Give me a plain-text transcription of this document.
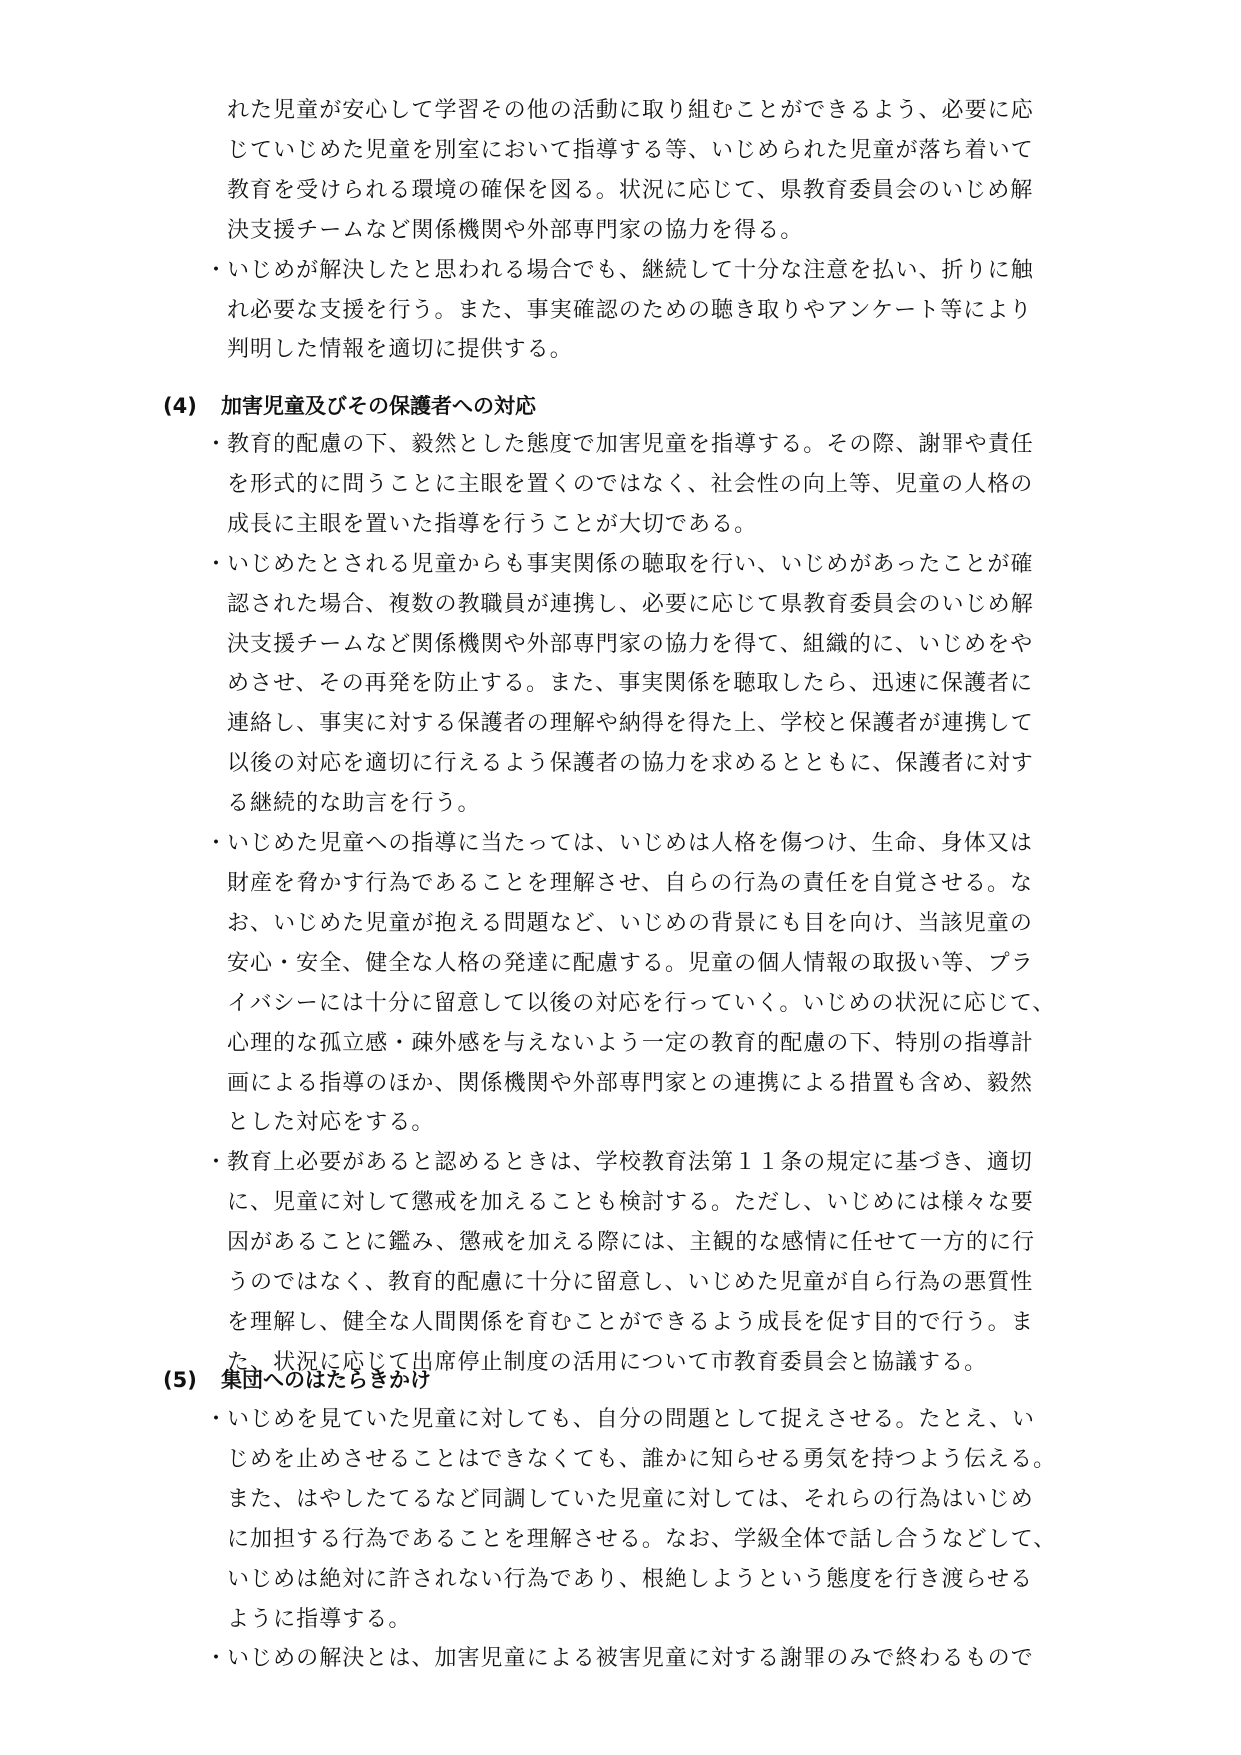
れた児童が安心して学習その他の活動に取り組むことができるよう、必要に応
じていじめた児童を別室において指導する等、いじめられた児童が落ち着いて
教育を受けられる環境の確保を図る。状況に応じて、県教育委員会のいじめ解
決支援チームなど関係機関や外部専門家の協力を得る。
・ いじめが解決したと思われる場合でも、継続して十分な注意を払い、折りに触
れ必要な支援を行う。また、事実確認のための聴き取りやアンケート等により
判明した情報を適切に提供する。
(4) 加害児童及びその保護者への対応
・ 教育的配慮の下、毅然とした態度で加害児童を指導する。その際、謝罪や責任
を形式的に問うことに主眼を置くのではなく、社会性の向上等、児童の人格の
成長に主眼を置いた指導を行うことが大切である。
・ いじめたとされる児童からも事実関係の聴取を行い、いじめがあったことが確
認された場合、複数の教職員が連携し、必要に応じて県教育委員会のいじめ解
決支援チームなど関係機関や外部専門家の協力を得て、組織的に、いじめをや
めさせ、その再発を防止する。また、事実関係を聴取したら、迅速に保護者に
連絡し、事実に対する保護者の理解や納得を得た上、学校と保護者が連携して
以後の対応を適切に行えるよう保護者の協力を求めるとともに、保護者に対す
る継続的な助言を行う。
・ いじめた児童への指導に当たっては、いじめは人格を傷つけ、生命、身体又は
財産を脅かす行為であることを理解させ、自らの行為の責任を自覚させる。な
お、いじめた児童が抱える問題など、いじめの背景にも目を向け、当該児童の
安心・安全、健全な人格の発達に配慮する。児童の個人情報の取扱い等、プラ
イバシーには十分に留意して以後の対応を行っていく。いじめの状況に応じて、
心理的な孤立感・疎外感を与えないよう一定の教育的配慮の下、特別の指導計
画による指導のほか、関係機関や外部専門家との連携による措置も含め、毅然
とした対応をする。
・ 教育上必要があると認めるときは、学校教育法第１１条の規定に基づき、適切
に、児童に対して懲戒を加えることも検討する。ただし、いじめには様々な要
因があることに鑑み、懲戒を加える際には、主観的な感情に任せて一方的に行
うのではなく、教育的配慮に十分に留意し、いじめた児童が自ら行為の悪質性
を理解し、健全な人間関係を育むことができるよう成長を促す目的で行う。ま
た、状況に応じて出席停止制度の活用について市教育委員会と協議する。
(5) 集団へのはたらきかけ
・ いじめを見ていた児童に対しても、自分の問題として捉えさせる。たとえ、い
じめを止めさせることはできなくても、誰かに知らせる勇気を持つよう伝える。
また、はやしたてるなど同調していた児童に対しては、それらの行為はいじめ
に加担する行為であることを理解させる。なお、学級全体で話し合うなどして、
いじめは絶対に許されない行為であり、根絶しようという態度を行き渡らせる
ように指導する。
・ いじめの解決とは、加害児童による被害児童に対する謝罪のみで終わるもので
